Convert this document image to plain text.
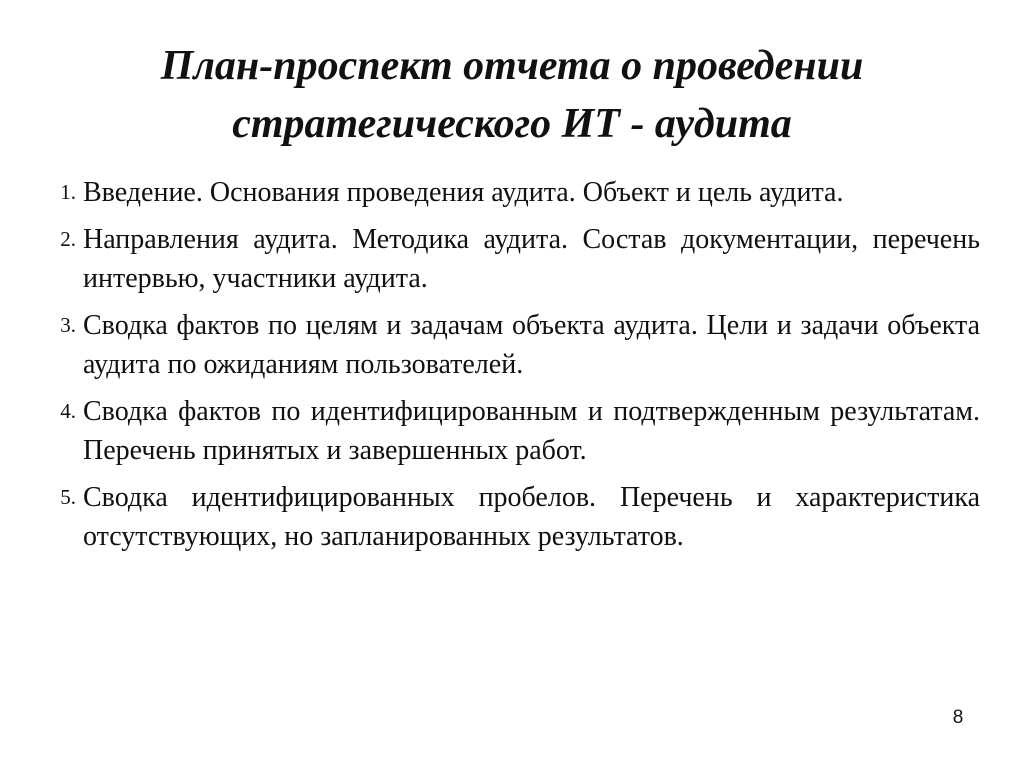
План-проспект отчета о проведении
стратегического ИТ - аудита
1. Введение. Основания проведения аудита. Объект и цель аудита.
2. Направления аудита. Методика аудита. Состав документации, перечень интервью, участники аудита.
3. Сводка фактов по целям и задачам объекта аудита. Цели и задачи объекта аудита по ожиданиям пользователей.
4. Сводка фактов по идентифицированным и подтвержденным результатам. Перечень принятых и завершенных работ.
5. Сводка идентифицированных пробелов. Перечень и характеристика отсутствующих, но запланированных результатов.
8
